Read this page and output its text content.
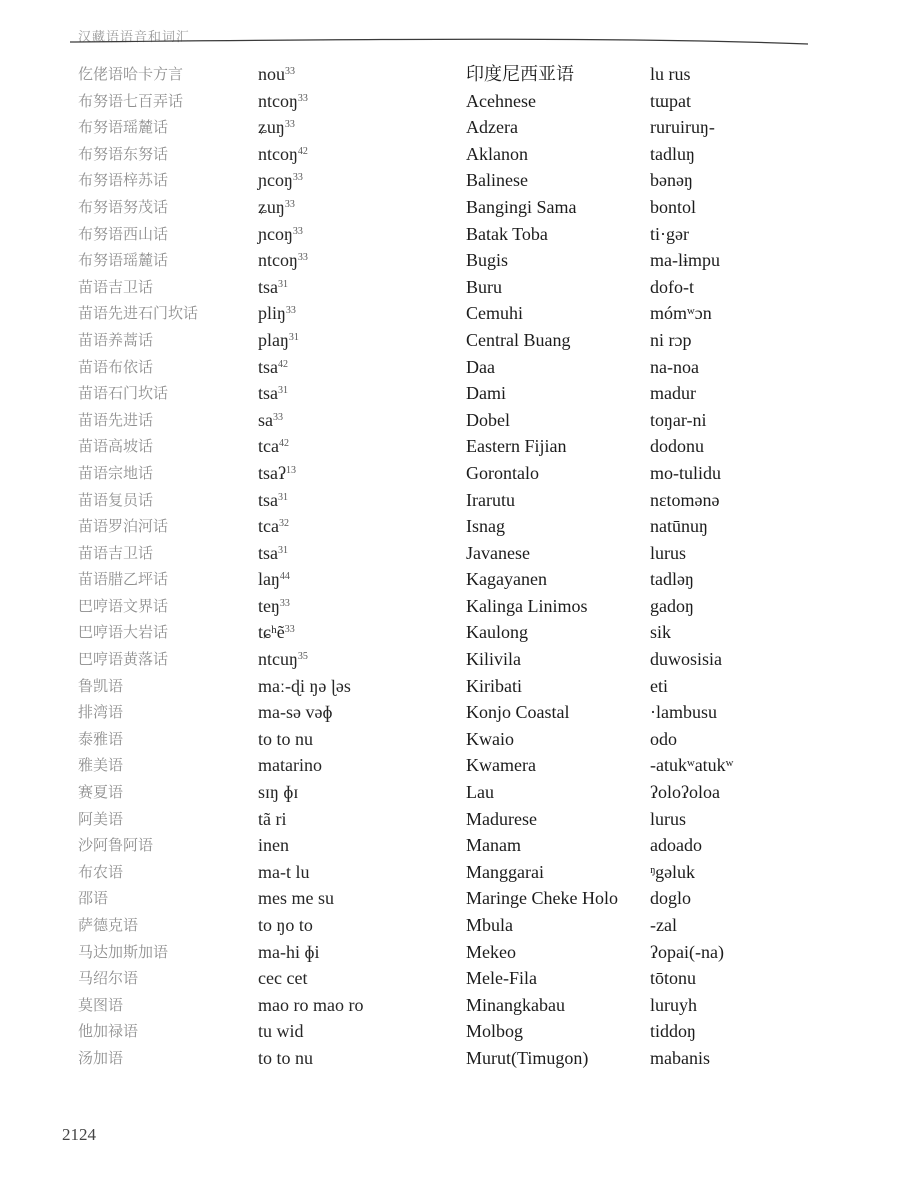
汉藏语语音和词汇
仡佬语哈卡方言
布努语七百弄话
布努语瑶麓话
布努语东努话
布努语梓苏话
布努语努茂话
布努语西山话
布努语瑶麓话
苗语吉卫话
苗语先进石门坎话
苗语养蒿话
苗语布依话
苗语石门坎话
苗语先进话
苗语高坡话
苗语宗地话
苗语复员话
苗语罗泊河话
苗语吉卫话
苗语腊乙坪话
巴哼语文界话
巴哼语大岩话
巴哼语黄落话
鲁凯语
排湾语
泰雅语
雅美语
赛夏语
阿美语
沙阿鲁阿语
布农语
邵语
萨德克语
马达加斯加语
马绍尔语
莫图语
他加禄语
汤加语
nou$^{33}$
ntcoŋ$^{33}$
ʑuŋ$^{33}$
ntcoŋ$^{42}$
ɲcoŋ$^{33}$
ʑuŋ$^{33}$
ɲcoŋ$^{33}$
ntcoŋ$^{33}$
tsa$^{31}$
pliŋ$^{33}$
plaŋ$^{31}$
tsa$^{42}$
tsa$^{31}$
$sa^{33}$
tca$^{42}$
tsaʔ$^{13}$
tsa$^{31}$
tca$^{32}$
tsa$^{31}$
laŋ$^{44}$
teŋ$^{33}$
tɕʰẽ$^{33}$
ntcuŋ$^{35}$
maː-ɖi ŋə ɭəs
ma-sə vəɸ
to to nu
matarino
sɪŋ ɸɪ
tã ri
inen
ma-t lu
mes me su
to ŋo to
ma-hi ɸi
cec cet
mao ro mao ro
tu wid
to to nu
印度尼西亚语
Acehnese
Adzera
Aklanon
Balinese
Bangingi Sama
Batak Toba
Bugis
Buru
Cemuhi
Central Buang
Daa
Dami
Dobel
Eastern Fijian
Gorontalo
Irarutu
Isnag
Javanese
Kagayanen
Kalinga Linimos
Kaulong
Kilivila
Kiribati
Konjo Coastal
Kwaio
Kwamera
Lau
Madurese
Manam
Manggarai
Maringe Cheke Holo
Mbula
Mekeo
Mele-Fila
Minangkabau
Molbog
Murut(Timugon)
lu rus
tɯpat
ruruiruŋ-
tadluŋ
bənəŋ
bontol
ti·gər
ma-lɨmpu
dofo-t
mómʷɔn
ni rɔp
na-noa
madur
toŋar-ni
dodonu
mo-tulidu
nɛtomənə
natūnuŋ
lurus
tadləŋ
gadoŋ
sik
duwosisia
eti
·lambusu
odo
-atukʷatukʷ
ʔoloʔoloa
lurus
adoado
ᵑgəluk
doglo
-zal
ʔopai(-na)
tōtonu
luruyh
tiddoŋ
mabanis
2124
